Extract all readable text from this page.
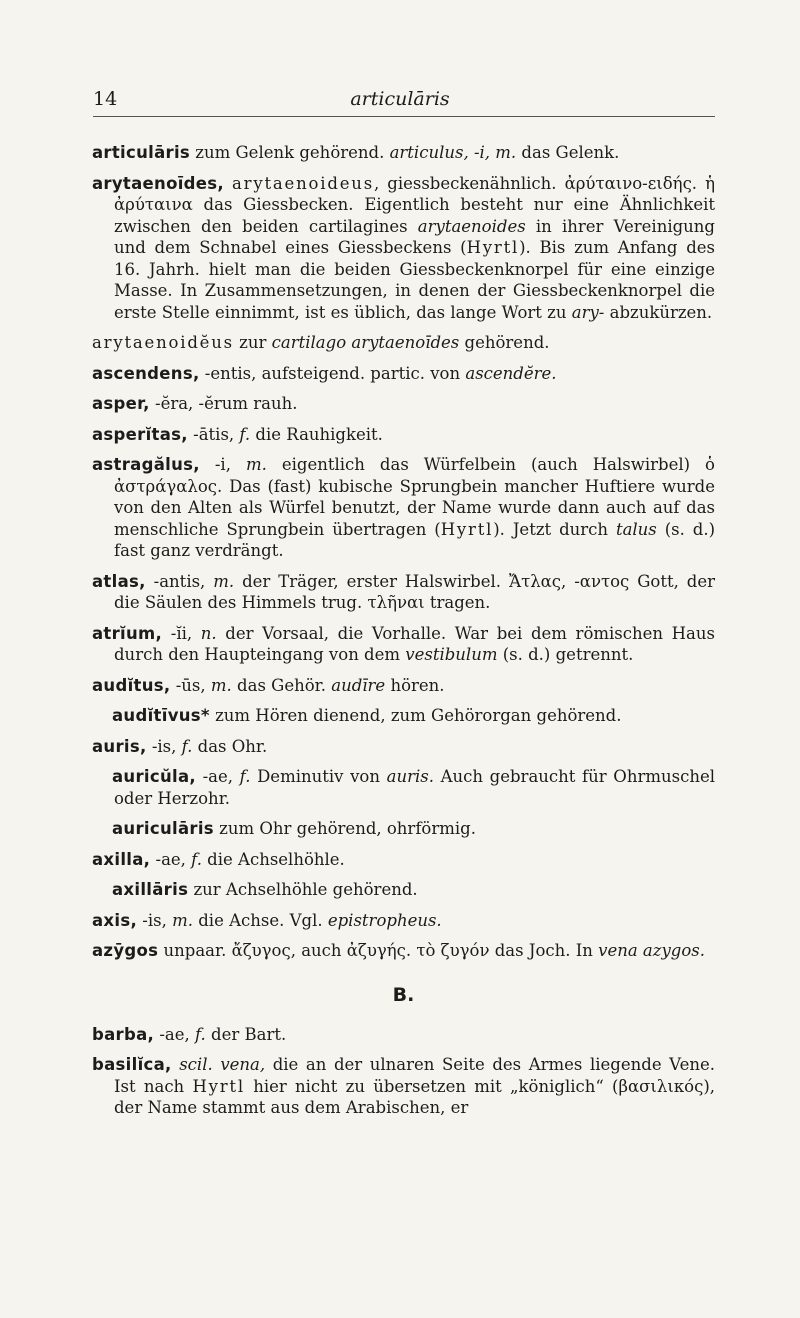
14	articulāris

articulāris zum Gelenk gehörend. articulus, -i, m. das Gelenk.

arytaenoīdes, arytaenoideus, giessbeckenähnlich. ἀρύταινο-ειδής. ἡ ἀρύταινα das Giessbecken. Eigentlich besteht nur eine Ähnlichkeit zwischen den beiden cartilagines arytaenoides in ihrer Vereinigung und dem Schnabel eines Giessbeckens (Hyrtl). Bis zum Anfang des 16. Jahrh. hielt man die beiden Giessbeckenknorpel für eine einzige Masse. In Zusammensetzungen, in denen der Giessbeckenknorpel die erste Stelle einnimmt, ist es üblich, das lange Wort zu ary- abzukürzen.

arytaenoidĕus zur cartilago arytaenoīdes gehörend.

ascendens, -entis, aufsteigend. partic. von ascendĕre.

asper, -ĕra, -ĕrum rauh.

asperĭtas, -ātis, f. die Rauhigkeit.

astragălus, -i, m. eigentlich das Würfelbein (auch Halswirbel) ὁ ἀστράγαλος. Das (fast) kubische Sprungbein mancher Huftiere wurde von den Alten als Würfel benutzt, der Name wurde dann auch auf das menschliche Sprungbein übertragen (Hyrtl). Jetzt durch talus (s. d.) fast ganz verdrängt.

atlas, -antis, m. der Träger, erster Halswirbel. Ἄτλας, -αντος Gott, der die Säulen des Himmels trug. τλῆναι tragen.

atrĭum, -ĭi, n. der Vorsaal, die Vorhalle. War bei dem römischen Haus durch den Haupteingang von dem vestibulum (s. d.) getrennt.

audĭtus, -ūs, m. das Gehör. audīre hören.

audĭtīvus* zum Hören dienend, zum Gehörorgan gehörend.

auris, -is, f. das Ohr.

auricŭla, -ae, f. Deminutiv von auris. Auch gebraucht für Ohrmuschel oder Herzohr.

auriculāris zum Ohr gehörend, ohrförmig.

axilla, -ae, f. die Achselhöhle.

axillāris zur Achselhöhle gehörend.

axis, -is, m. die Achse. Vgl. epistropheus.

azȳgos unpaar. ἄζυγος, auch ἀζυγής. τὸ ζυγόν das Joch. In vena azygos.

B.

barba, -ae, f. der Bart.

basilĭca, scil. vena, die an der ulnaren Seite des Armes liegende Vene. Ist nach Hyrtl hier nicht zu übersetzen mit „königlich“ (βασιλικός), der Name stammt aus dem Arabischen, er
